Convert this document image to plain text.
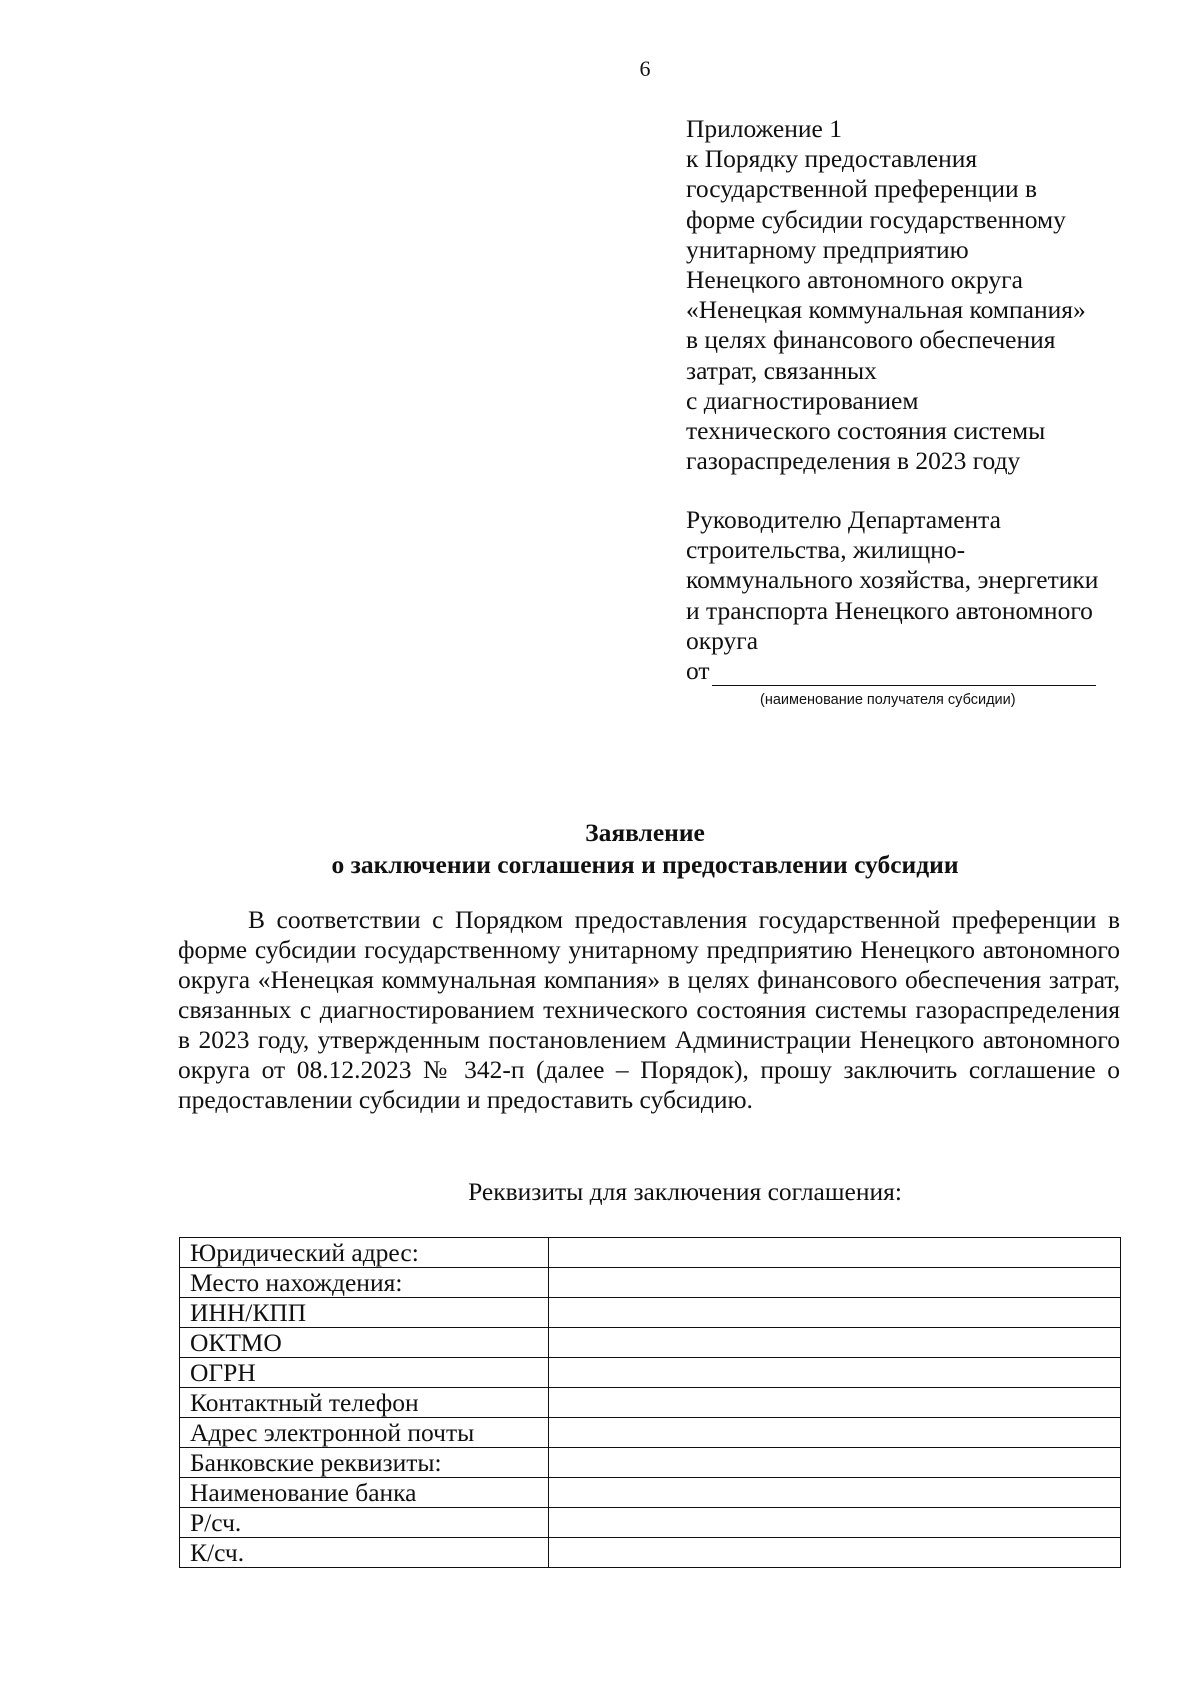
6
Приложение 1
к Порядку предоставления
государственной преференции в
форме субсидии государственному
унитарному предприятию
Ненецкого автономного округа
«Ненецкая коммунальная компания»
в целях финансового обеспечения
затрат, связанных
с диагностированием
технического состояния системы
газораспределения в 2023 году
Руководителю Департамента
строительства, жилищно-
коммунального хозяйства, энергетики
и транспорта Ненецкого автономного
округа
от
(наименование получателя субсидии)
Заявление
о заключении соглашения и предоставлении субсидии
В соответствии с Порядком предоставления государственной преференции в форме субсидии государственному унитарному предприятию Ненецкого автономного округа «Ненецкая коммунальная компания» в целях финансового обеспечения затрат, связанных с диагностированием технического состояния системы газораспределения в 2023 году, утвержденным постановлением Администрации Ненецкого автономного округа от 08.12.2023 № 342-п (далее – Порядок), прошу заключить соглашение о предоставлении субсидии и предоставить субсидию.
Реквизиты для заключения соглашения:
Юридический адрес:	
Место нахождения:	
ИНН/КПП	
ОКТМО	
ОГРН	
Контактный телефон	
Адрес электронной почты	
Банковские реквизиты:	
Наименование банка	
Р/сч.	
К/сч.	
